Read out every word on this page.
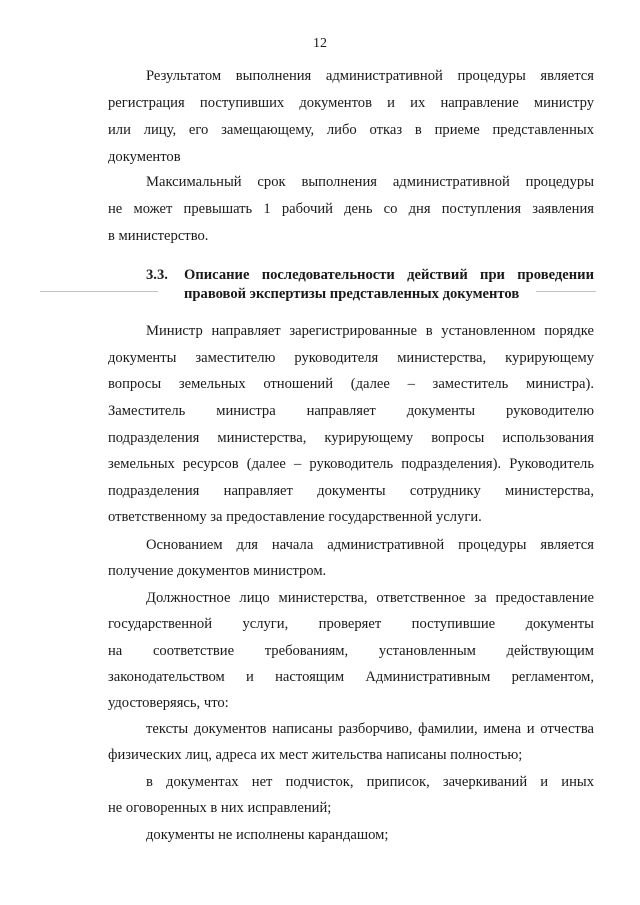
12
Результатом выполнения административной процедуры является
регистрация поступивших документов и их направление министру
или лицу, его замещающему, либо отказ в приеме представленных
документов
Максимальный срок выполнения административной процедуры
не может превышать 1 рабочий день со дня поступления заявления
в министерство.
3.3. Описание последовательности действий при проведении
правовой экспертизы представленных документов
Министр направляет зарегистрированные в установленном порядке
документы заместителю руководителя министерства, курирующему
вопросы земельных отношений (далее – заместитель министра).
Заместитель министра направляет документы руководителю
подразделения министерства, курирующему вопросы использования
земельных ресурсов (далее – руководитель подразделения). Руководитель
подразделения направляет документы сотруднику министерства,
ответственному за предоставление государственной услуги.
Основанием для начала административной процедуры является
получение документов министром.
Должностное лицо министерства, ответственное за предоставление
государственной услуги, проверяет поступившие документы
на соответствие требованиям, установленным действующим
законодательством и настоящим Административным регламентом,
удостоверяясь, что:
тексты документов написаны разборчиво, фамилии, имена и отчества
физических лиц, адреса их мест жительства написаны полностью;
в документах нет подчисток, приписок, зачеркиваний и иных
не оговоренных в них исправлений;
документы не исполнены карандашом;
